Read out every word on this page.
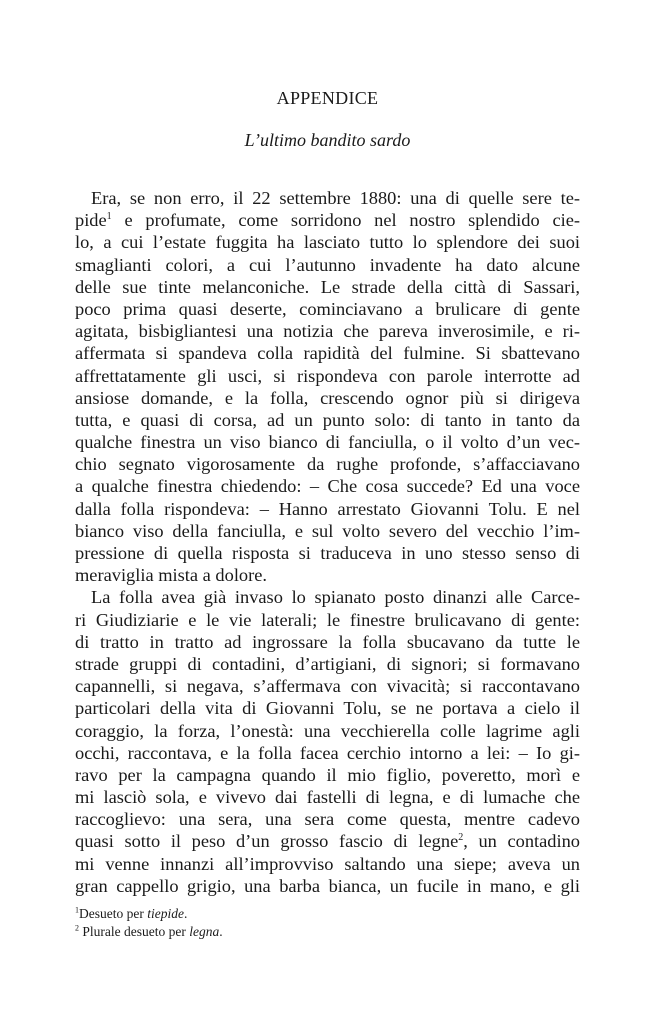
APPENDICE
L’ultimo bandito sardo
Era, se non erro, il 22 settembre 1880: una di quelle sere te-
pide$^1$ e profumate, come sorridono nel nostro splendido cie-
lo, a cui l’estate fuggita ha lasciato tutto lo splendore dei suoi
smaglianti colori, a cui l’autunno invadente ha dato alcune
delle sue tinte melanconiche. Le strade della città di Sassari,
poco prima quasi deserte, cominciavano a brulicare di gente
agitata, bisbigliantesi una notizia che pareva inverosimile, e ri-
affermata si spandeva colla rapidità del fulmine. Si sbattevano
affrettatamente gli usci, si rispondeva con parole interrotte ad
ansiose domande, e la folla, crescendo ognor più si dirigeva
tutta, e quasi di corsa, ad un punto solo: di tanto in tanto da
qualche finestra un viso bianco di fanciulla, o il volto d’un vec-
chio segnato vigorosamente da rughe profonde, s’affacciavano
a qualche finestra chiedendo: – Che cosa succede? Ed una voce
dalla folla rispondeva: – Hanno arrestato Giovanni Tolu. E nel
bianco viso della fanciulla, e sul volto severo del vecchio l’im-
pressione di quella risposta si traduceva in uno stesso senso di
meraviglia mista a dolore.
La folla avea già invaso lo spianato posto dinanzi alle Carce-
ri Giudiziarie e le vie laterali; le finestre brulicavano di gente:
di tratto in tratto ad ingrossare la folla sbucavano da tutte le
strade gruppi di contadini, d’artigiani, di signori; si formavano
capannelli, si negava, s’affermava con vivacità; si raccontavano
particolari della vita di Giovanni Tolu, se ne portava a cielo il
coraggio, la forza, l’onestà: una vecchierella colle lagrime agli
occhi, raccontava, e la folla facea cerchio intorno a lei: – Io gi-
ravo per la campagna quando il mio figlio, poveretto, morì e
mi lasciò sola, e vivevo dai fastelli di legna, e di lumache che
raccoglievo: una sera, una sera come questa, mentre cadevo
quasi sotto il peso d’un grosso fascio di legne$^2$, un contadino
mi venne innanzi all’improvviso saltando una siepe; aveva un
gran cappello grigio, una barba bianca, un fucile in mano, e gli
$^1$Desueto per tiepide.
$^2$ Plurale desueto per legna.
